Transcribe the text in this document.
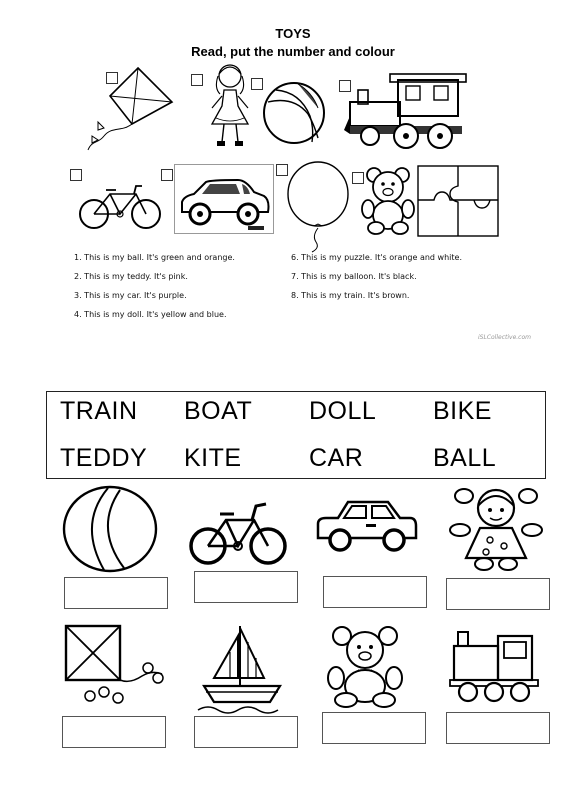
TOYS
Read, put the number and colour
1. This is my ball. It's green and orange.
2. This is my teddy. It's pink.
3. This is my car. It's purple.
4. This is my doll. It's yellow and blue.
6. This is my puzzle. It's orange and white.
7. This is my balloon. It's black.
8. This is my train. It's brown.
iSLCollective.com
TRAIN BOAT DOLL BIKE
TEDDY KITE	CAR	BALL
